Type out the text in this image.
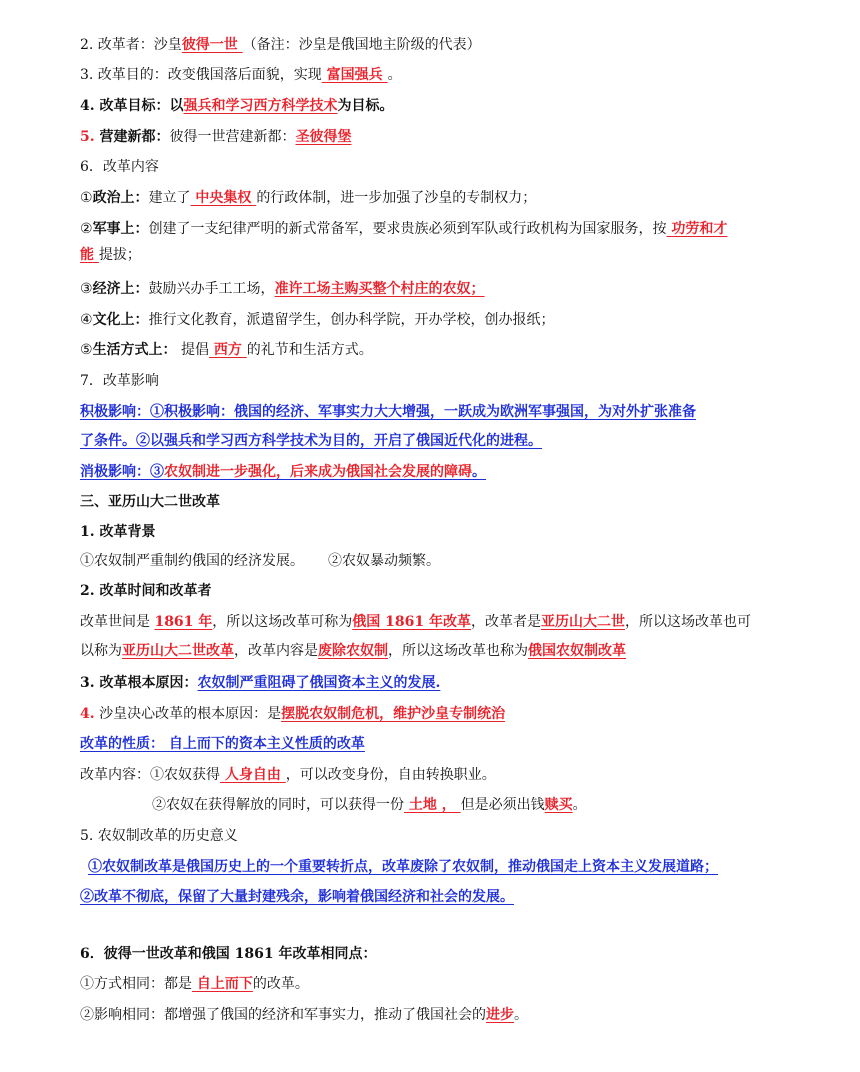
2. 改革者：沙皇彼得一世 （备注：沙皇是俄国地主阶级的代表）
3. 改革目的：改变俄国落后面貌，实现 富国强兵 。
4. 改革目标：以强兵和学习西方科学技术为目标。
5. 营建新都：彼得一世营建新都：圣彼得堡
6．改革内容
①政治上：建立了 中央集权 的行政体制，进一步加强了沙皇的专制权力；
②军事上：创建了一支纪律严明的新式常备军，要求贵族必须到军队或行政机构为国家服务，按 功劳和才
能 提拔；
③经济上：鼓励兴办手工工场，准许工场主购买整个村庄的农奴；
④文化上：推行文化教育，派遣留学生，创办科学院，开办学校，创办报纸；
⑤生活方式上： 提倡 西方 的礼节和生活方式。
7．改革影响
积极影响：①积极影响：俄国的经济、军事实力大大增强，一跃成为欧洲军事强国，为对外扩张准备
了条件。②以强兵和学习西方科学技术为目的，开启了俄国近代化的进程。
消极影响：③农奴制进一步强化，后来成为俄国社会发展的障碍。
三、亚历山大二世改革
1. 改革背景
①农奴制严重制约俄国的经济发展。 ②农奴暴动频繁。
2. 改革时间和改革者
改革世间是 1861 年，所以这场改革可称为俄国 1861 年改革，改革者是亚历山大二世，所以这场改革也可
以称为亚历山大二世改革，改革内容是废除农奴制，所以这场改革也称为俄国农奴制改革
3. 改革根本原因：农奴制严重阻碍了俄国资本主义的发展.
4. 沙皇决心改革的根本原因：是摆脱农奴制危机，维护沙皇专制统治
改革的性质： 自上而下的资本主义性质的改革
改革内容：①农奴获得 人身自由 ，可以改变身份，自由转换职业。
②农奴在获得解放的同时，可以获得一份 土地 ， 但是必须出钱赎买。
5. 农奴制改革的历史意义
①农奴制改革是俄国历史上的一个重要转折点，改革废除了农奴制，推动俄国走上资本主义发展道路；
②改革不彻底，保留了大量封建残余，影响着俄国经济和社会的发展。
6．彼得一世改革和俄国 1861 年改革相同点：
①方式相同：都是 自上而下的改革。
②影响相同：都增强了俄国的经济和军事实力，推动了俄国社会的进步。
